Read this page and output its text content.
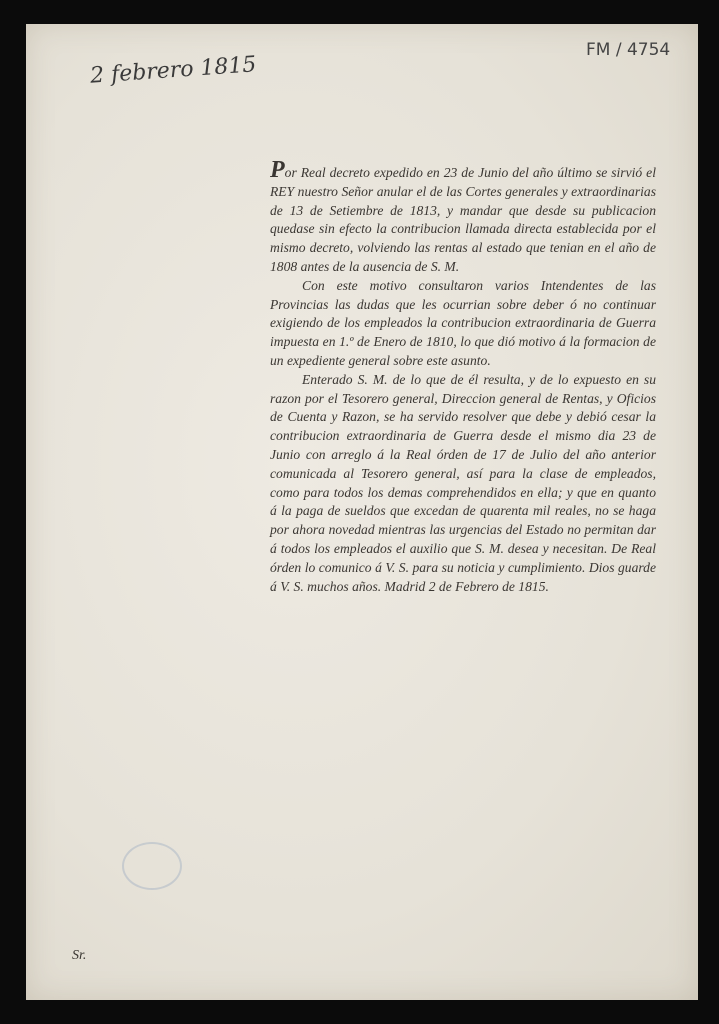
2 febrero 1815
FM / 4754

Por Real decreto expedido en 23 de Junio del año último se sirvió el REY nuestro Señor anular el de las Cortes generales y extraordinarias de 13 de Setiembre de 1813, y mandar que desde su publicacion quedase sin efecto la contribucion llamada directa establecida por el mismo decreto, volviendo las rentas al estado que tenian en el año de 1808 antes de la ausencia de S. M.

Con este motivo consultaron varios Intendentes de las Provincias las dudas que les ocurrian sobre deber ó no continuar exigiendo de los empleados la contribucion extraordinaria de Guerra impuesta en 1.º de Enero de 1810, lo que dió motivo á la formacion de un expediente general sobre este asunto.

Enterado S. M. de lo que de él resulta, y de lo expuesto en su razon por el Tesorero general, Direccion general de Rentas, y Oficios de Cuenta y Razon, se ha servido resolver que debe y debió cesar la contribucion extraordinaria de Guerra desde el mismo dia 23 de Junio con arreglo á la Real órden de 17 de Julio del año anterior comunicada al Tesorero general, así para la clase de empleados, como para todos los demas comprehendidos en ella; y que en quanto á la paga de sueldos que excedan de quarenta mil reales, no se haga por ahora novedad mientras las urgencias del Estado no permitan dar á todos los empleados el auxilio que S. M. desea y necesitan. De Real órden lo comunico á V. S. para su noticia y cumplimiento. Dios guarde á V. S. muchos años. Madrid 2 de Febrero de 1815.

Sr.
